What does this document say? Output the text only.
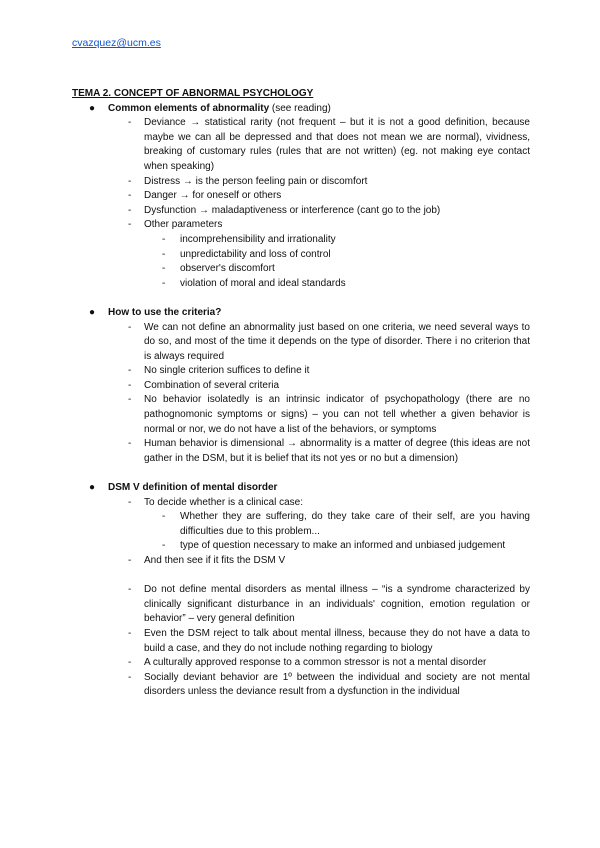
cvazquez@ucm.es

TEMA 2. CONCEPT OF ABNORMAL PSYCHOLOGY

● Common elements of abnormality (see reading)

- Deviance → statistical rarity (not frequent – but it is not a good definition, because maybe we can all be depressed and that does not mean we are normal), vividness, breaking of customary rules (rules that are not written) (eg. not making eye contact when speaking)

- Distress → is the person feeling pain or discomfort

- Danger → for oneself or others

- Dysfunction → maladaptiveness or interference (cant go to the job)

- Other parameters

- incomprehensibility and irrationality

- unpredictability and loss of control

- observer's discomfort

- violation of moral and ideal standards

● How to use the criteria?

- We can not define an abnormality just based on one criteria, we need several ways to do so, and most of the time it depends on the type of disorder. There i no criterion that is always required

- No single criterion suffices to define it

- Combination of several criteria

- No behavior isolatedly is an intrinsic indicator of psychopathology (there are no pathognomonic symptoms or signs) – you can not tell whether a given behavior is normal or nor, we do not have a list of the behaviors, or symptoms

- Human behavior is dimensional → abnormality is a matter of degree (this ideas are not gather in the DSM, but it is belief that its not yes or no but a dimension)

● DSM V definition of mental disorder

- To decide whether is a clinical case:

- Whether they are suffering, do they take care of their self, are you having difficulties due to this problem...

- type of question necessary to make an informed and unbiased judgement

- And then see if it fits the DSM V

- Do not define mental disorders as mental illness – “is a syndrome characterized by clinically significant disturbance in an individuals' cognition, emotion regulation or behavior” – very general definition

- Even the DSM reject to talk about mental illness, because they do not have a data to build a case, and they do not include nothing regarding to biology

- A culturally approved response to a common stressor is not a mental disorder

- Socially deviant behavior are 1º between the individual and society are not mental disorders unless the deviance result from a dysfunction in the individual
